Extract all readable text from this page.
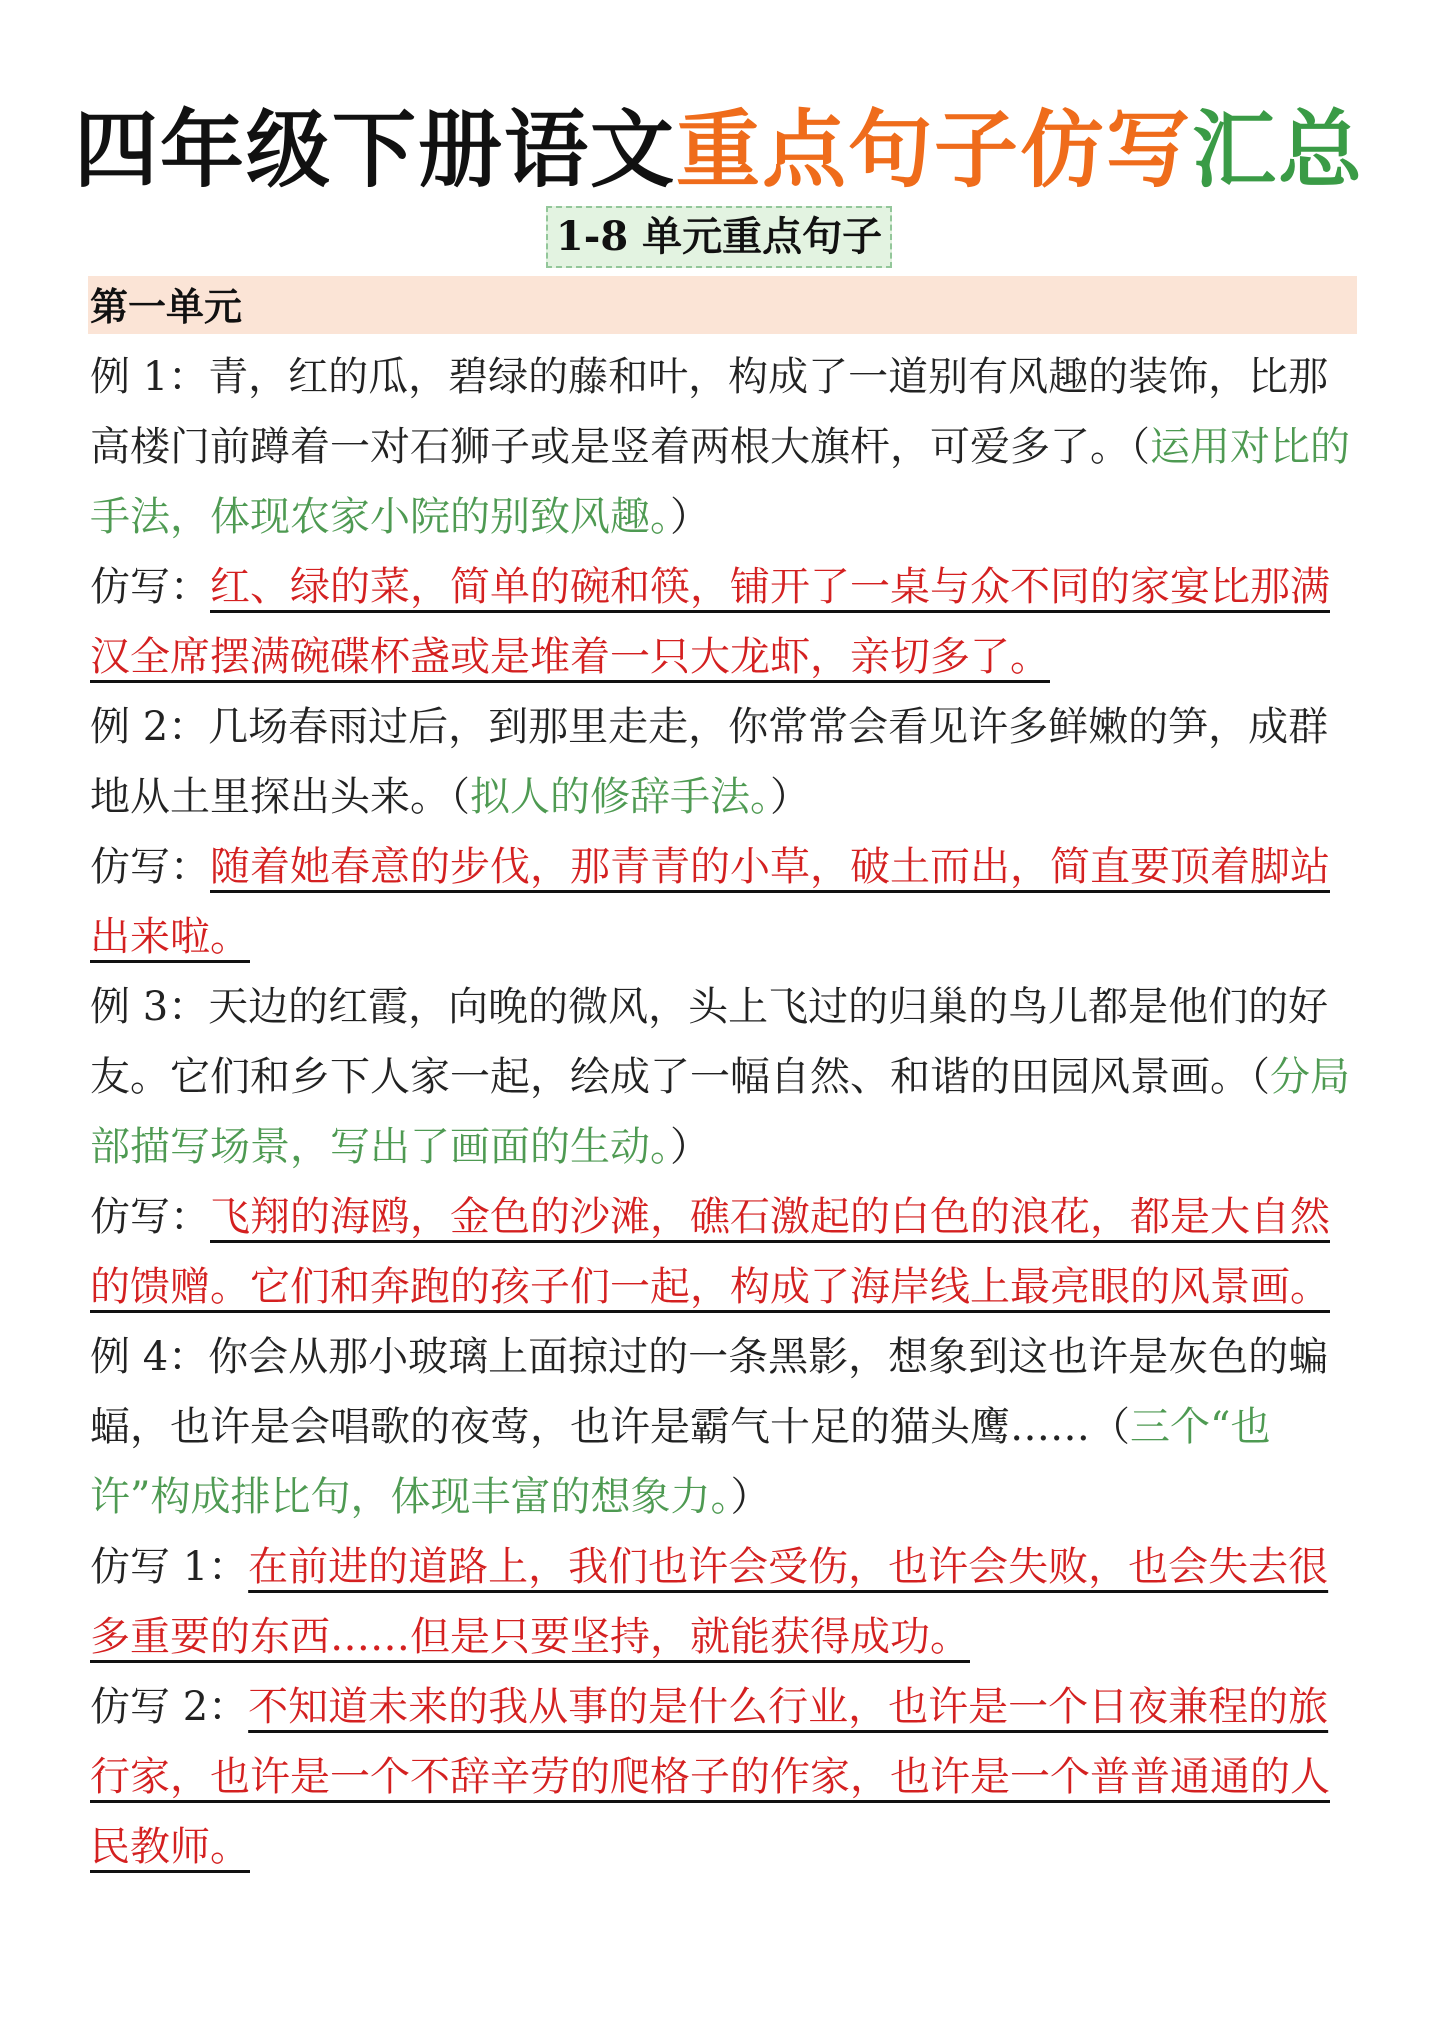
四年级下册语文重点句子仿写汇总
1-8 单元重点句子
第一单元

例 1：青，红的瓜，碧绿的藤和叶，构成了一道别有风趣的装饰，比那高楼门前蹲着一对石狮子或是竖着两根大旗杆，可爱多了。（运用对比的手法，体现农家小院的别致风趣。）

仿写：红、绿的菜，简单的碗和筷，铺开了一桌与众不同的家宴比那满汉全席摆满碗碟杯盏或是堆着一只大龙虾，亲切多了。

例 2：几场春雨过后，到那里走走，你常常会看见许多鲜嫩的笋，成群地从土里探出头来。（拟人的修辞手法。）

仿写：随着她春意的步伐，那青青的小草，破土而出，简直要顶着脚站出来啦。

例 3：天边的红霞，向晚的微风，头上飞过的归巢的鸟儿都是他们的好友。它们和乡下人家一起，绘成了一幅自然、和谐的田园风景画。（分局部描写场景，写出了画面的生动。）

仿写：飞翔的海鸥，金色的沙滩，礁石激起的白色的浪花，都是大自然的馈赠。它们和奔跑的孩子们一起，构成了海岸线上最亮眼的风景画。

例 4：你会从那小玻璃上面掠过的一条黑影，想象到这也许是灰色的蝙蝠，也许是会唱歌的夜莺，也许是霸气十足的猫头鹰……（三个“也许”构成排比句，体现丰富的想象力。）

仿写 1：在前进的道路上，我们也许会受伤，也许会失败，也会失去很多重要的东西……但是只要坚持，就能获得成功。

仿写 2：不知道未来的我从事的是什么行业，也许是一个日夜兼程的旅行家，也许是一个不辞辛劳的爬格子的作家，也许是一个普普通通的人民教师。
